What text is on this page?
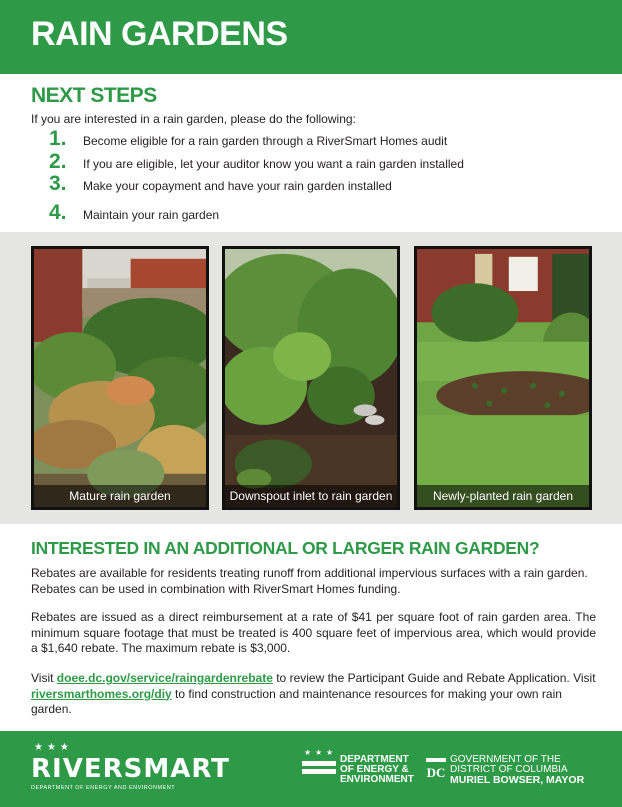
RAIN GARDENS
NEXT STEPS
If you are interested in a rain garden, please do the following:
1. Become eligible for a rain garden through a RiverSmart Homes audit
2. If you are eligible, let your auditor know you want a rain garden installed
3. Make your copayment and have your rain garden installed
4. Maintain your rain garden
Mature rain garden	Downspout inlet to rain garden	Newly-planted rain garden
INTERESTED IN AN ADDITIONAL OR LARGER RAIN GARDEN?
Rebates are available for residents treating runoff from additional impervious surfaces with a rain garden. Rebates can be used in combination with RiverSmart Homes funding.
Rebates are issued as a direct reimbursement at a rate of $41 per square foot of rain garden area. The minimum square footage that must be treated is 400 square feet of impervious area, which would provide a $1,640 rebate. The maximum rebate is $3,000.
Visit doee.dc.gov/service/raingardenrebate to review the Participant Guide and Rebate Application. Visit riversmarthomes.org/diy to find construction and maintenance resources for making your own rain garden.
★★★
RIVERSMART
DEPARTMENT OF ENERGY AND ENVIRONMENT
★ ★ ★
DEPARTMENT
OF ENERGY &
ENVIRONMENT DC
GOVERNMENT OF THE
DISTRICT OF COLUMBIA
MURIEL BOWSER, MAYOR
